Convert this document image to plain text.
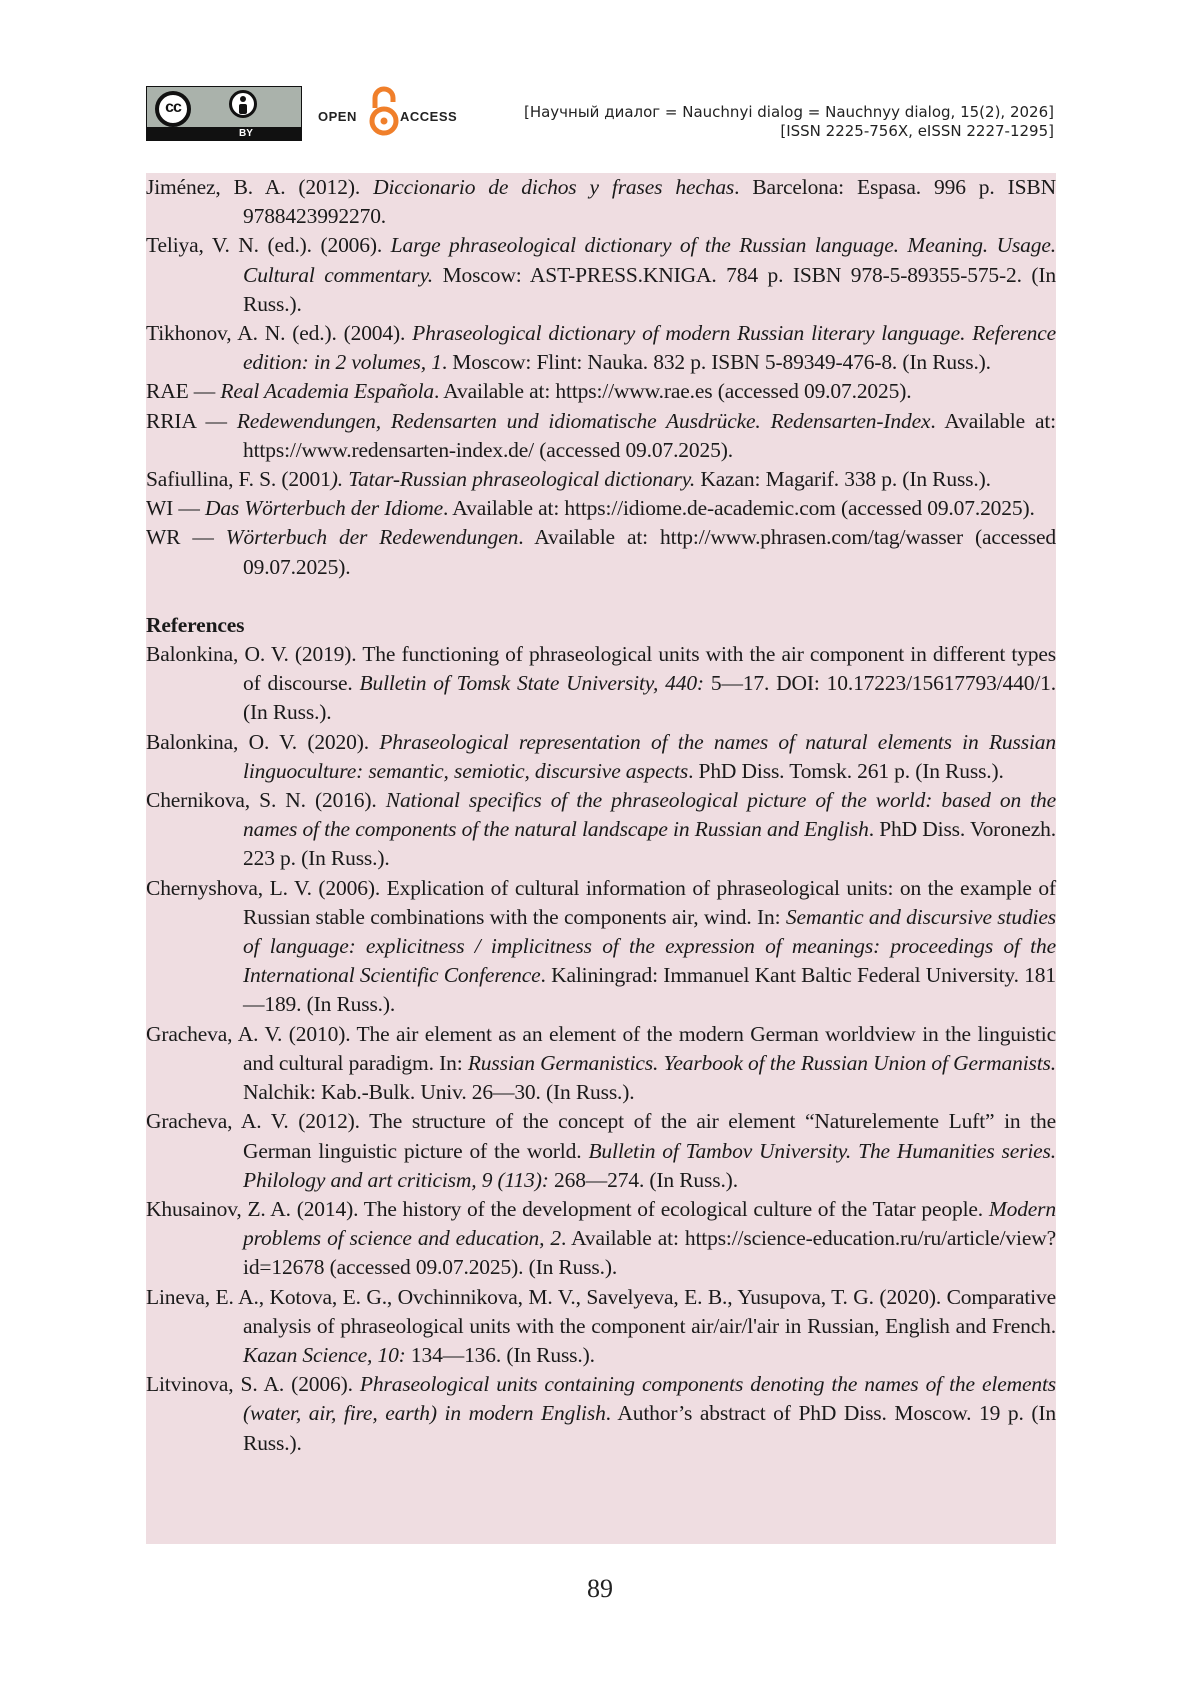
cc
BY
OPEN	ACCESS	[Научный диалог = Nauchnyi dialog = Nauchnyy dialog, 15(2), 2026]
[ISSN 2225-756X, eISSN 2227-1295]
Jiménez, B. A. (2012). Diccionario de dichos y frases hechas. Barcelona: Espasa. 996 p. ISBN 9788423992270.
Teliya, V. N. (ed.). (2006). Large phraseological dictionary of the Russian language. Meaning. Usage. Cultural commentary. Moscow: AST-PRESS.KNIGA. 784 p. ISBN 978-5-89355-575-2. (In Russ.).
Tikhonov, A. N. (ed.). (2004). Phraseological dictionary of modern Russian literary language. Reference edition: in 2 volumes, 1. Moscow: Flint: Nauka. 832 p. ISBN 5-89349-476-8. (In Russ.).
RAE — Real Academia Española. Available at: https://www.rae.es (accessed 09.07.2025).
RRIA — Redewendungen, Redensarten und idiomatische Ausdrücke. Redensarten-Index. Available at: https://www.redensarten-index.de/ (accessed 09.07.2025).
Safiullina, F. S. (2001). Tatar-Russian phraseological dictionary. Kazan: Magarif. 338 p. (In Russ.).
WI — Das Wörterbuch der Idiome. Available at: https://idiome.de-academic.com (accessed 09.07.2025).
WR — Wörterbuch der Redewendungen. Available at: http://www.phrasen.com/tag/wasser (accessed 09.07.2025).
References
Balonkina, O. V. (2019). The functioning of phraseological units with the air component in different types of discourse. Bulletin of Tomsk State University, 440: 5—17. DOI: 10.17223/15617793/440/1. (In Russ.).
Balonkina, O. V. (2020). Phraseological representation of the names of natural elements in Russian linguoculture: semantic, semiotic, discursive aspects. PhD Diss. Tomsk. 261 p. (In Russ.).
Chernikova, S. N. (2016). National specifics of the phraseological picture of the world: based on the names of the components of the natural landscape in Russian and English. PhD Diss. Voronezh. 223 p. (In Russ.).
Chernyshova, L. V. (2006). Explication of cultural information of phraseological units: on the example of Russian stable combinations with the components air, wind. In: Semantic and discursive studies of language: explicitness / implicitness of the expression of meanings: proceedings of the International Scientific Conference. Kaliningrad: Immanuel Kant Baltic Federal University. 181—189. (In Russ.).
Gracheva, A. V. (2010). The air element as an element of the modern German worldview in the linguistic and cultural paradigm. In: Russian Germanistics. Yearbook of the Russian Union of Germanists. Nalchik: Kab.-Bulk. Univ. 26—30. (In Russ.).
Gracheva, A. V. (2012). The structure of the concept of the air element “Naturelemente Luft” in the German linguistic picture of the world. Bulletin of Tambov University. The Humanities series. Philology and art criticism, 9 (113): 268—274. (In Russ.).
Khusainov, Z. A. (2014). The history of the development of ecological culture of the Tatar people. Modern problems of science and education, 2. Available at: https://science-education.ru/ru/article/view?id=12678 (accessed 09.07.2025). (In Russ.).
Lineva, E. A., Kotova, E. G., Ovchinnikova, M. V., Savelyeva, E. B., Yusupova, T. G. (2020). Comparative analysis of phraseological units with the component air/air/l'air in Russian, English and French. Kazan Science, 10: 134—136. (In Russ.).
Litvinova, S. A. (2006). Phraseological units containing components denoting the names of the elements (water, air, fire, earth) in modern English. Author’s abstract of PhD Diss. Moscow. 19 p. (In Russ.).
89
